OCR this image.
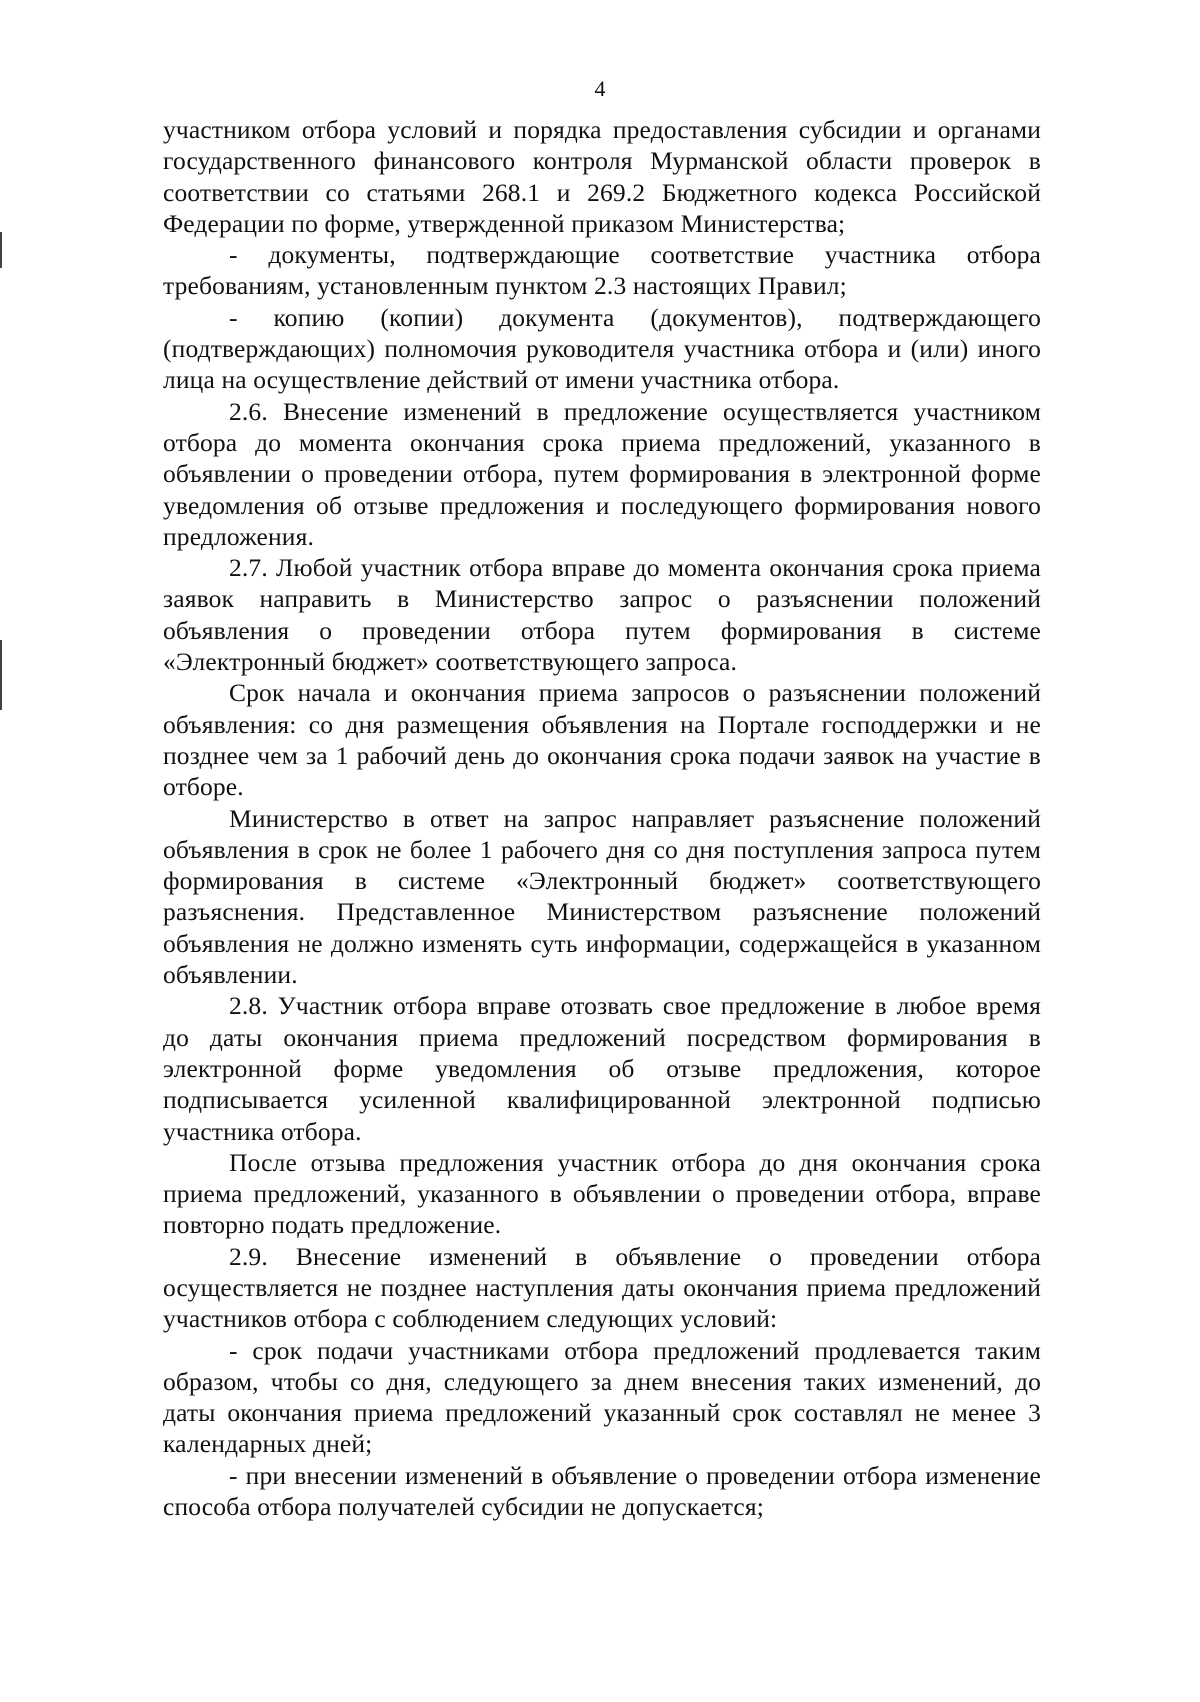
4

участником отбора условий и порядка предоставления субсидии и органами государственного финансового контроля Мурманской области проверок в соответствии со статьями 268.1 и 269.2 Бюджетного кодекса Российской Федерации по форме, утвержденной приказом Министерства;

- документы, подтверждающие соответствие участника отбора требованиям, установленным пунктом 2.3 настоящих Правил;

- копию (копии) документа (документов), подтверждающего (подтверждающих) полномочия руководителя участника отбора и (или) иного лица на осуществление действий от имени участника отбора.

2.6. Внесение изменений в предложение осуществляется участником отбора до момента окончания срока приема предложений, указанного в объявлении о проведении отбора, путем формирования в электронной форме уведомления об отзыве предложения и последующего формирования нового предложения.

2.7. Любой участник отбора вправе до момента окончания срока приема заявок направить в Министерство запрос о разъяснении положений объявления о проведении отбора путем формирования в системе «Электронный бюджет» соответствующего запроса.

Срок начала и окончания приема запросов о разъяснении положений объявления: со дня размещения объявления на Портале господдержки и не позднее чем за 1 рабочий день до окончания срока подачи заявок на участие в отборе.

Министерство в ответ на запрос направляет разъяснение положений объявления в срок не более 1 рабочего дня со дня поступления запроса путем формирования в системе «Электронный бюджет» соответствующего разъяснения. Представленное Министерством разъяснение положений объявления не должно изменять суть информации, содержащейся в указанном объявлении.

2.8. Участник отбора вправе отозвать свое предложение в любое время до даты окончания приема предложений посредством формирования в электронной форме уведомления об отзыве предложения, которое подписывается усиленной квалифицированной электронной подписью участника отбора.

После отзыва предложения участник отбора до дня окончания срока приема предложений, указанного в объявлении о проведении отбора, вправе повторно подать предложение.

2.9. Внесение изменений в объявление о проведении отбора осуществляется не позднее наступления даты окончания приема предложений участников отбора с соблюдением следующих условий:

- срок подачи участниками отбора предложений продлевается таким образом, чтобы со дня, следующего за днем внесения таких изменений, до даты окончания приема предложений указанный срок составлял не менее 3 календарных дней;

- при внесении изменений в объявление о проведении отбора изменение способа отбора получателей субсидии не допускается;
